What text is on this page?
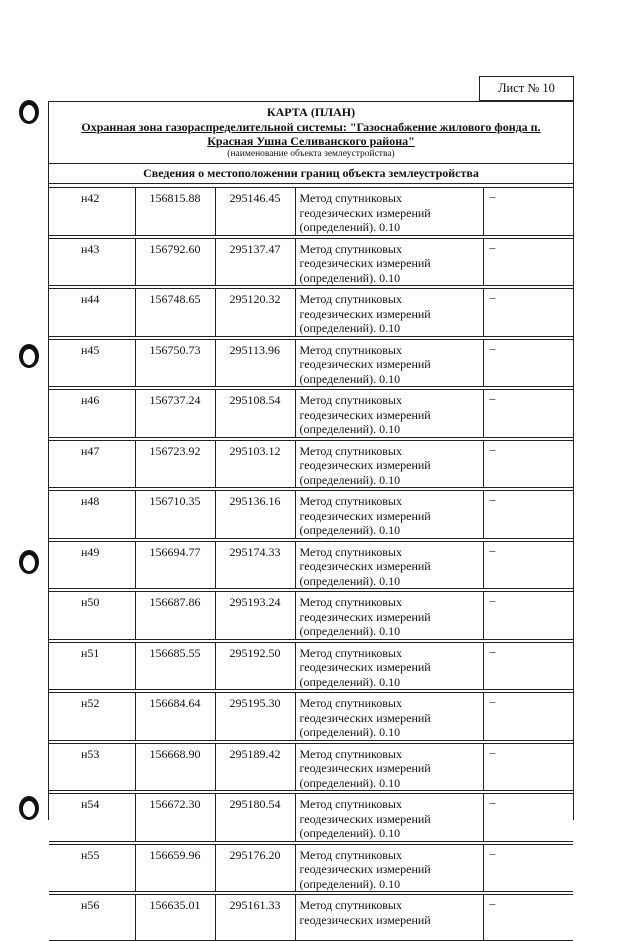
Лист № 10
КАРТА (ПЛАН)
Охранная зона газораспределительной системы: "Газоснабжение жилового фонда п.
Красная Ушна Селиванского района"
(наименование объекта землеустройства)
Сведения о местоположении границ объекта землеустройства
н42	156815.88	295146.45	Метод спутниковых
геодезических измерений
(определений). 0.10	–

н43	156792.60	295137.47	Метод спутниковых
геодезических измерений
(определений). 0.10	–

н44	156748.65	295120.32	Метод спутниковых
геодезических измерений
(определений). 0.10	–

н45	156750.73	295113.96	Метод спутниковых
геодезических измерений
(определений). 0.10	–

н46	156737.24	295108.54	Метод спутниковых
геодезических измерений
(определений). 0.10	–

н47	156723.92	295103.12	Метод спутниковых
геодезических измерений
(определений). 0.10	–

н48	156710.35	295136.16	Метод спутниковых
геодезических измерений
(определений). 0.10	–

н49	156694.77	295174.33	Метод спутниковых
геодезических измерений
(определений). 0.10	–

н50	156687.86	295193.24	Метод спутниковых
геодезических измерений
(определений). 0.10	–

н51	156685.55	295192.50	Метод спутниковых
геодезических измерений
(определений). 0.10	–

н52	156684.64	295195.30	Метод спутниковых
геодезических измерений
(определений). 0.10	–

н53	156668.90	295189.42	Метод спутниковых
геодезических измерений
(определений). 0.10	–

н54	156672.30	295180.54	Метод спутниковых
геодезических измерений
(определений). 0.10	–

н55	156659.96	295176.20	Метод спутниковых
геодезических измерений
(определений). 0.10	–

н56	156635.01	295161.33	Метод спутниковых
геодезических измерений	–
